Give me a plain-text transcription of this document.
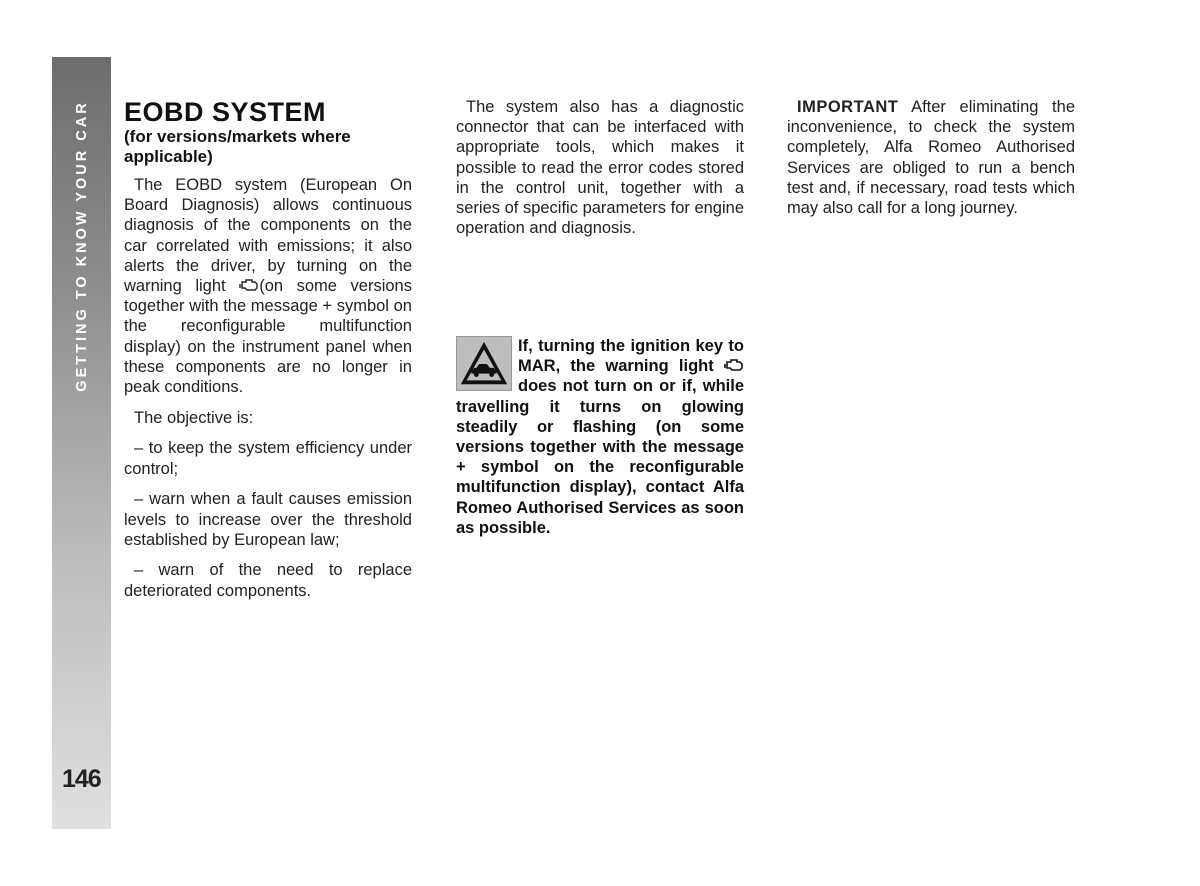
GETTING TO KNOW YOUR CAR
146
EOBD SYSTEM
(for versions/markets where applicable)

The EOBD system (European On Board Diagnosis) allows continuous diagnosis of the components on the car correlated with emissions; it also alerts the driver, by turning on the warning light (on some versions together with the message + symbol on the reconfigurable multifunction display) on the instrument panel when these components are no longer in peak conditions.

The objective is:

– to keep the system efficiency under control;

– warn when a fault causes emission levels to increase over the threshold established by European law;

– warn of the need to replace deteriorated components.

The system also has a diagnostic connector that can be interfaced with appropriate tools, which makes it possible to read the error codes stored in the control unit, together with a series of specific parameters for engine operation and diagnosis.

If, turning the ignition key to MAR, the warning light  does not turn on or if, while travelling it turns on glowing steadily or flashing (on some versions together with the message + symbol on the reconfigurable multifunction display), contact Alfa Romeo Authorised Services as soon as possible.

IMPORTANT After eliminating the inconvenience, to check the system completely, Alfa Romeo Authorised Services are obliged to run a bench test and, if necessary, road tests which may also call for a long journey.
